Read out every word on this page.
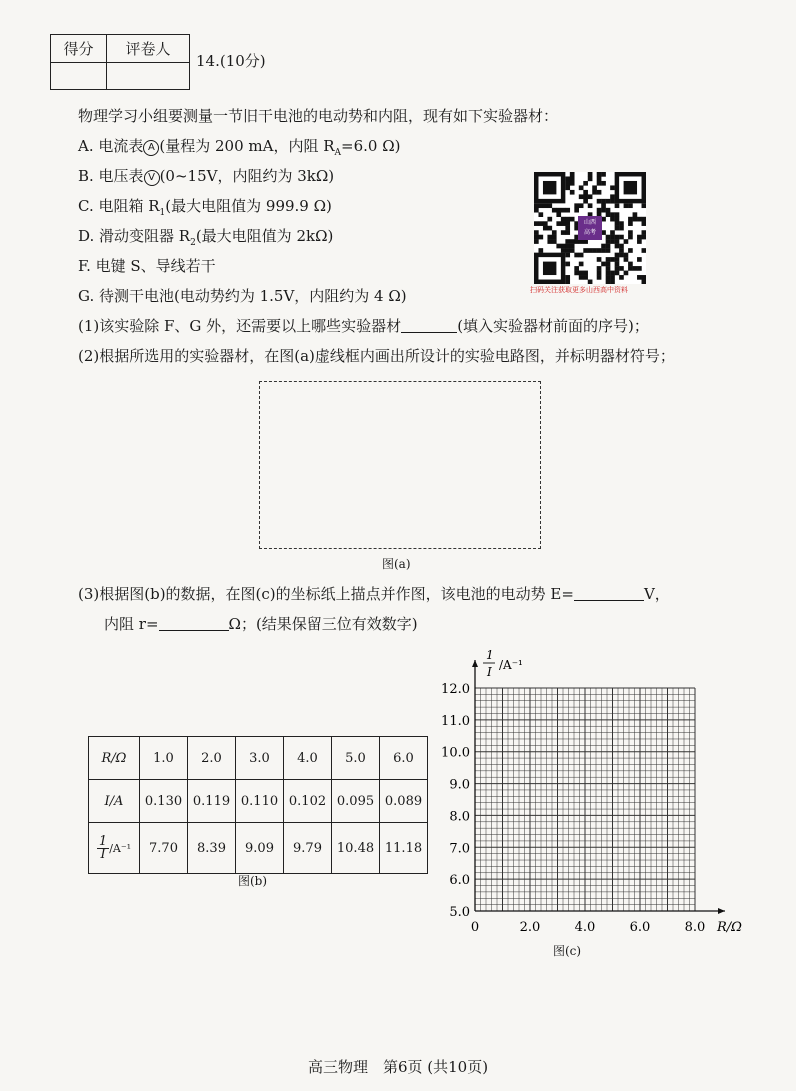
得分	评卷人

14.(10分)
物理学习小组要测量一节旧干电池的电动势和内阻，现有如下实验器材：
A. 电流表 A (量程为 200 mA，内阻 $R_A=6.0$ Ω)
B. 电压表 V (0~15V，内阻约为 3kΩ)
C. 电阻箱 $R_1$(最大电阻值为 999.9 Ω)
D. 滑动变阻器 $R_2$(最大电阻值为 2kΩ)
F. 电键 S、导线若干
G. 待测干电池(电动势约为 1.5V，内阻约为 4 Ω)
(1)该实验除 F、G 外，还需要以上哪些实验器材	(填入实验器材前面的序号)；
(2)根据所选用的实验器材，在图(a)虚线框内画出所设计的实验电路图，并标明器材符号；
山西
高考
扫码关注获取更多山西高中资料
图(a)
(3)根据图(b)的数据，在图(c)的坐标纸上描点并作图，该电池的电动势 E=	V，
内阻 r=	Ω；(结果保留三位有效数字)
R/Ω	1.0	2.0	3.0	4.0	5.0	6.0
I/A	0.130	0.119	0.110	0.102	0.095	0.089

$\frac{1}{I}/A^{-1}$	7.70	8.39	9.09	9.79	10.48	11.18
图(b)
0	2.0	4.0	6.0	8.0
5.0
6.0
7.0
8.0
9.0
10.0
11.0
12.0
R/Ω
1
I /A⁻¹
图(c)
高三物理　第6页 (共10页)
